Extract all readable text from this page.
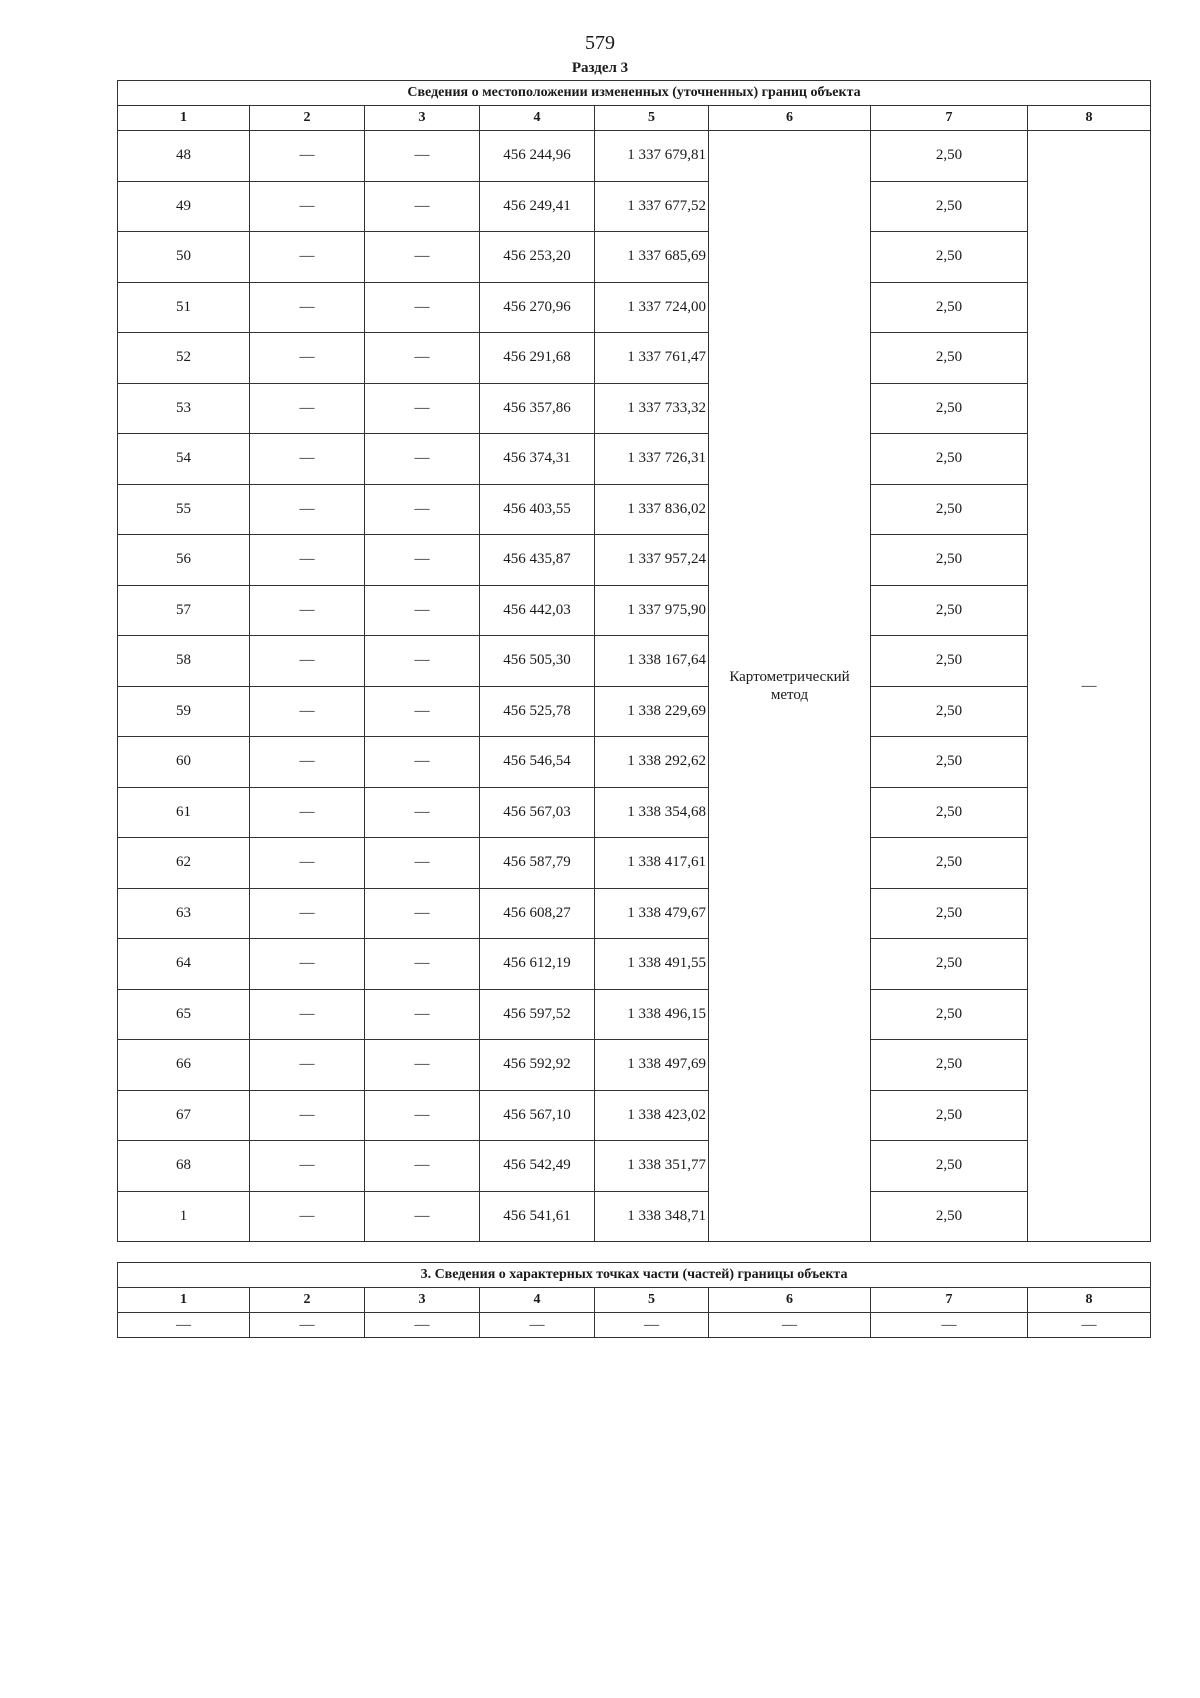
579
Раздел 3
Сведения о местоположении измененных (уточненных) границ объекта							
1	2	3	4	5	6	7	8
48	—	—	456 244,96	1 337 679,81	Картометрический метод	2,50	—
49	—	—	456 249,41	1 337 677,52		2,50	
50	—	—	456 253,20	1 337 685,69		2,50	
51	—	—	456 270,96	1 337 724,00		2,50	
52	—	—	456 291,68	1 337 761,47		2,50	
53	—	—	456 357,86	1 337 733,32		2,50	
54	—	—	456 374,31	1 337 726,31		2,50	
55	—	—	456 403,55	1 337 836,02		2,50	
56	—	—	456 435,87	1 337 957,24		2,50	
57	—	—	456 442,03	1 337 975,90		2,50	
58	—	—	456 505,30	1 338 167,64		2,50	
59	—	—	456 525,78	1 338 229,69		2,50	
60	—	—	456 546,54	1 338 292,62		2,50	
61	—	—	456 567,03	1 338 354,68		2,50	
62	—	—	456 587,79	1 338 417,61		2,50	
63	—	—	456 608,27	1 338 479,67		2,50	
64	—	—	456 612,19	1 338 491,55		2,50	
65	—	—	456 597,52	1 338 496,15		2,50	
66	—	—	456 592,92	1 338 497,69		2,50	
67	—	—	456 567,10	1 338 423,02		2,50	
68	—	—	456 542,49	1 338 351,77		2,50	
1	—	—	456 541,61	1 338 348,71		2,50	
3. Сведения о характерных точках части (частей) границы объекта							
1	2	3	4	5	6	7	8
—	—	—	—	—	—	—	—
